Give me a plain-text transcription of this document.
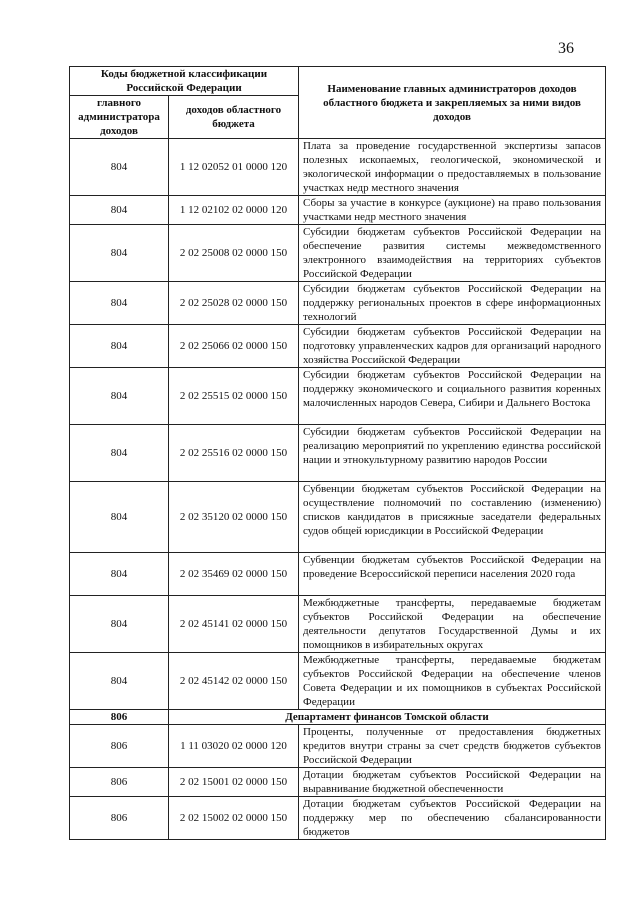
36
Коды бюджетной классификации Российской Федерации		Наименование главных администраторов доходов областного бюджета и закрепляемых за ними видов доходов
главного администратора доходов	доходов областного бюджета	
804	1 12 02052 01 0000 120	Плата за проведение государственной экспертизы запасов полезных ископаемых, геологической, экономической и экологической информации о предоставляемых в пользование участках недр местного значения
804	1 12 02102 02 0000 120	Сборы за участие в конкурсе (аукционе) на право пользования участками недр местного значения
804	2 02 25008 02 0000 150	Субсидии бюджетам субъектов Российской Федерации на обеспечение развития системы межведомственного электронного взаимодействия на территориях субъектов Российской Федерации
804	2 02 25028 02 0000 150	Субсидии бюджетам субъектов Российской Федерации на поддержку региональных проектов в сфере информационных технологий
804	2 02 25066 02 0000 150	Субсидии бюджетам субъектов Российской Федерации на подготовку управленческих кадров для организаций народного хозяйства Российской Федерации
804	2 02 25515 02 0000 150	Субсидии бюджетам субъектов Российской Федерации на поддержку экономического и социального развития коренных малочисленных народов Севера, Сибири и Дальнего Востока
804	2 02 25516 02 0000 150	Субсидии бюджетам субъектов Российской Федерации на реализацию мероприятий по укреплению единства российской нации и этнокультурному развитию народов России
804	2 02 35120 02 0000 150	Субвенции бюджетам субъектов Российской Федерации на осуществление полномочий по составлению (изменению) списков кандидатов в присяжные заседатели федеральных судов общей юрисдикции в Российской Федерации
804	2 02 35469 02 0000 150	Субвенции бюджетам субъектов Российской Федерации на проведение Всероссийской переписи населения 2020 года
804	2 02 45141 02 0000 150	Межбюджетные трансферты, передаваемые бюджетам субъектов Российской Федерации на обеспечение деятельности депутатов Государственной Думы и их помощников в избирательных округах
804	2 02 45142 02 0000 150	Межбюджетные трансферты, передаваемые бюджетам субъектов Российской Федерации на обеспечение членов Совета Федерации и их помощников в субъектах Российской Федерации
806	Департамент финансов Томской области	
806	1 11 03020 02 0000 120	Проценты, полученные от предоставления бюджетных кредитов внутри страны за счет средств бюджетов субъектов Российской Федерации
806	2 02 15001 02 0000 150	Дотации бюджетам субъектов Российской Федерации на выравнивание бюджетной обеспеченности
806	2 02 15002 02 0000 150	Дотации бюджетам субъектов Российской Федерации на поддержку мер по обеспечению сбалансированности бюджетов
